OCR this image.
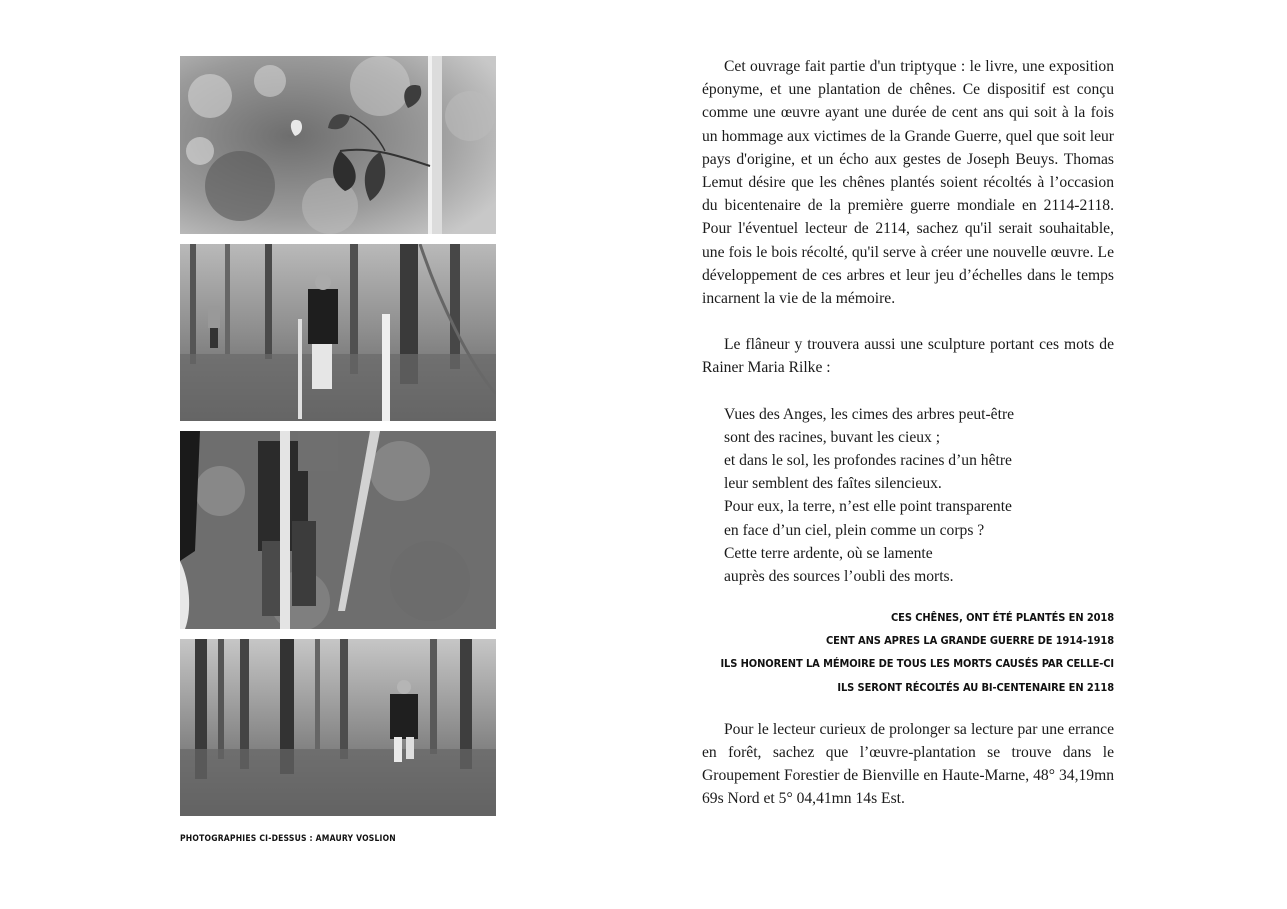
PHOTOGRAPHIES CI-DESSUS : AMAURY VOSLION

Cet ouvrage fait partie d'un triptyque : le livre, une exposition éponyme, et une plantation de chênes. Ce dispositif est conçu comme une œuvre ayant une durée de cent ans qui soit à la fois un hommage aux victimes de la Grande Guerre, quel que soit leur pays d'origine, et un écho aux gestes de Joseph Beuys. Thomas Lemut désire que les chênes plantés soient récoltés à l’occasion du bicentenaire de la première guerre mondiale en 2114-2118. Pour l'éventuel lecteur de 2114, sachez qu'il serait souhaitable, une fois le bois récolté, qu'il serve à créer une nouvelle œuvre. Le développement de ces arbres et leur jeu d’échelles dans le temps incarnent la vie de la mémoire.

Le flâneur y trouvera aussi une sculpture portant ces mots de Rainer Maria Rilke :

Vues des Anges, les cimes des arbres peut-être
sont des racines, buvant les cieux ;
et dans le sol, les profondes racines d’un hêtre
leur semblent des faîtes silencieux.
Pour eux, la terre, n’est elle point transparente
en face d’un ciel, plein comme un corps ?
Cette terre ardente, où se lamente
auprès des sources l’oubli des morts.
CES CHÊNES, ONT ÉTÉ PLANTÉS EN 2018
CENT ANS APRES LA GRANDE GUERRE DE 1914-1918
ILS HONORENT LA MÉMOIRE DE TOUS LES MORTS CAUSÉS PAR CELLE-CI
ILS SERONT RÉCOLTÉS AU BI-CENTENAIRE EN 2118

Pour le lecteur curieux de prolonger sa lecture par une errance en forêt, sachez que l’œuvre-plantation se trouve dans le Groupement Forestier de Bienville en Haute-Marne, 48° 34,19mn 69s Nord et 5° 04,41mn 14s Est.
